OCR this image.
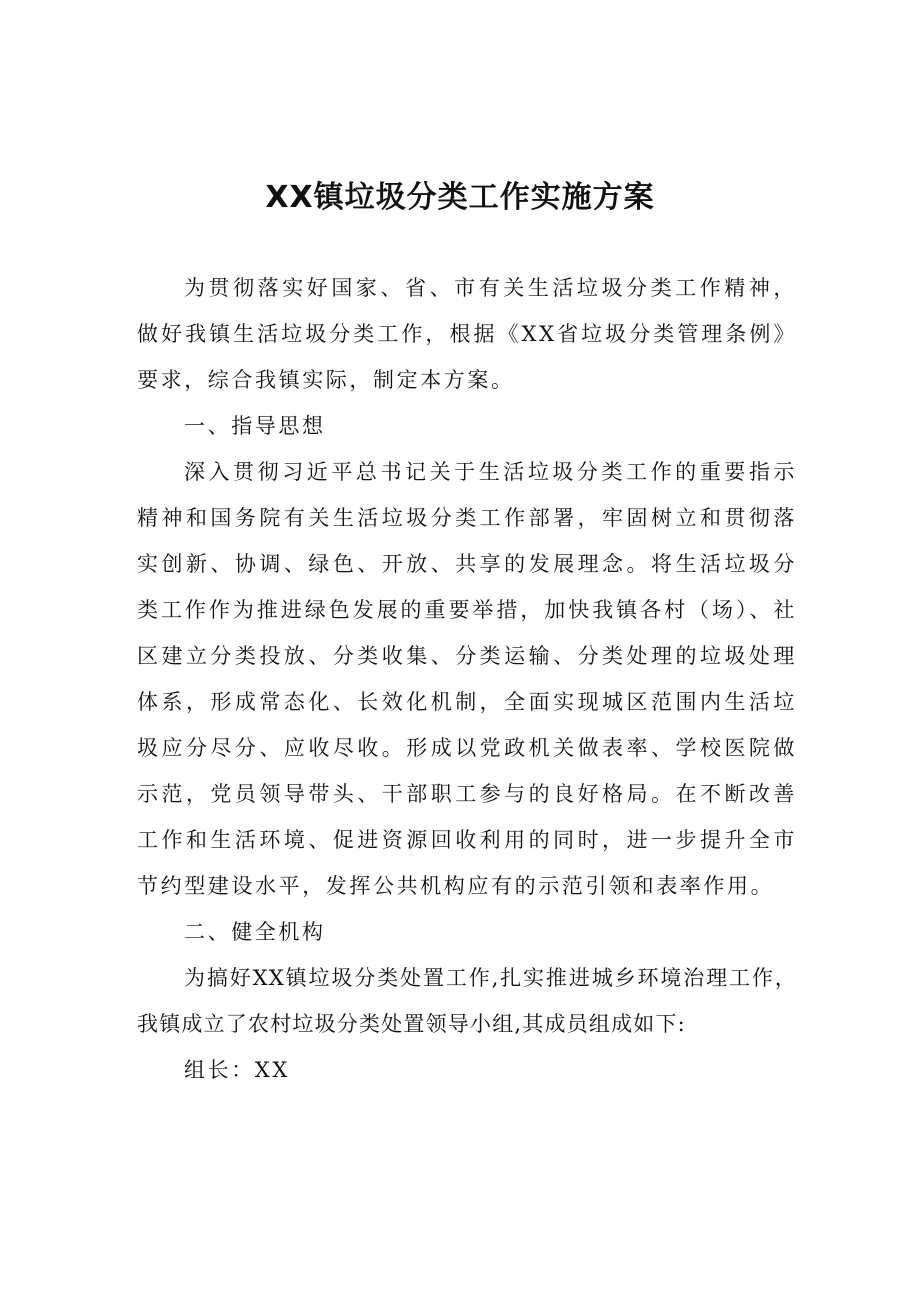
XX镇垃圾分类工作实施方案

为贯彻落实好国家、省、市有关生活垃圾分类工作精神，做好我镇生活垃圾分类工作，根据《XX省垃圾分类管理条例》要求，综合我镇实际，制定本方案。

一、指导思想

深入贯彻习近平总书记关于生活垃圾分类工作的重要指示精神和国务院有关生活垃圾分类工作部署，牢固树立和贯彻落实创新、协调、绿色、开放、共享的发展理念。将生活垃圾分类工作作为推进绿色发展的重要举措，加快我镇各村（场）、社区建立分类投放、分类收集、分类运输、分类处理的垃圾处理体系，形成常态化、长效化机制，全面实现城区范围内生活垃圾应分尽分、应收尽收。形成以党政机关做表率、学校医院做示范，党员领导带头、干部职工参与的良好格局。在不断改善工作和生活环境、促进资源回收利用的同时，进一步提升全市节约型建设水平，发挥公共机构应有的示范引领和表率作用。

二、健全机构

为搞好XX镇垃圾分类处置工作,扎实推进城乡环境治理工作，我镇成立了农村垃圾分类处置领导小组,其成员组成如下:

组长：XX
